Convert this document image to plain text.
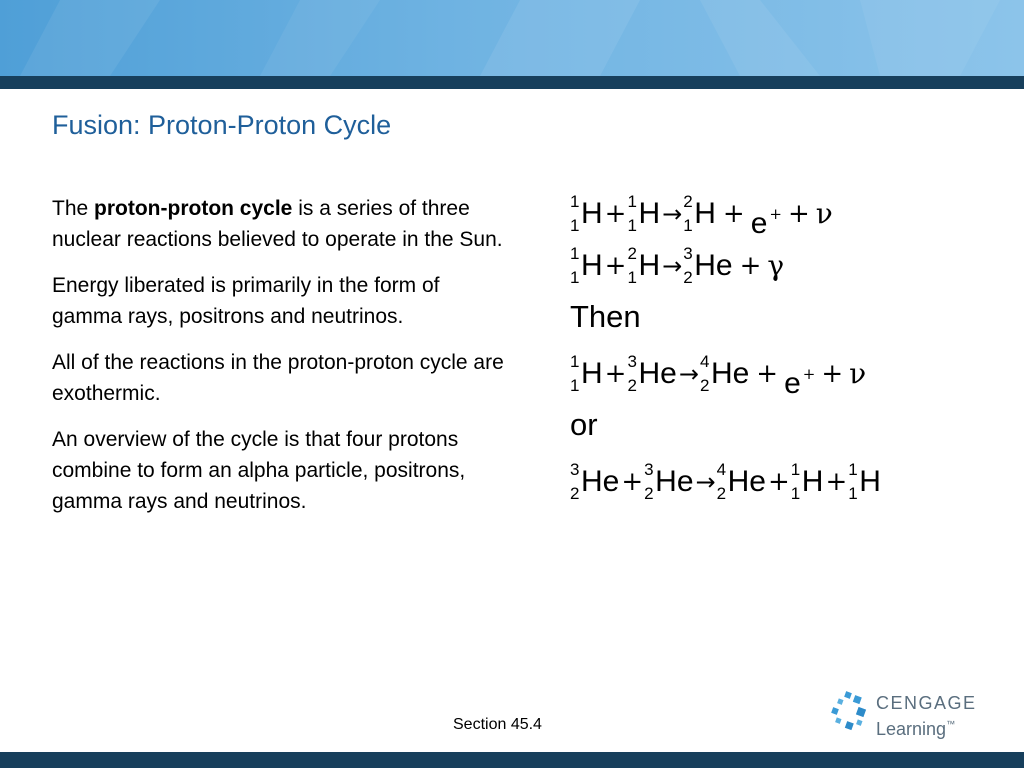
Fusion: Proton-Proton Cycle

The proton-proton cycle is a series of three nuclear reactions believed to operate in the Sun.

Energy liberated is primarily in the form of gamma rays, positrons and neutrinos.

All of the reactions in the proton-proton cycle are exothermic.

An overview of the cycle is that four protons combine to form an alpha particle, positrons, gamma rays and neutrinos.

1
1 H+ 1
1 H→ 2
1 H + e + + ν
1
1 H+ 2
1 H→ 3
2 He + γ
Then
1
1 H+ 3
2 He→ 4
2 He + e + + ν
or
3
2 He+ 3
2 He→ 4
2 He+ 1
1 H+ 1
1 H
Section 45.4
CENGAGE
Learning™
